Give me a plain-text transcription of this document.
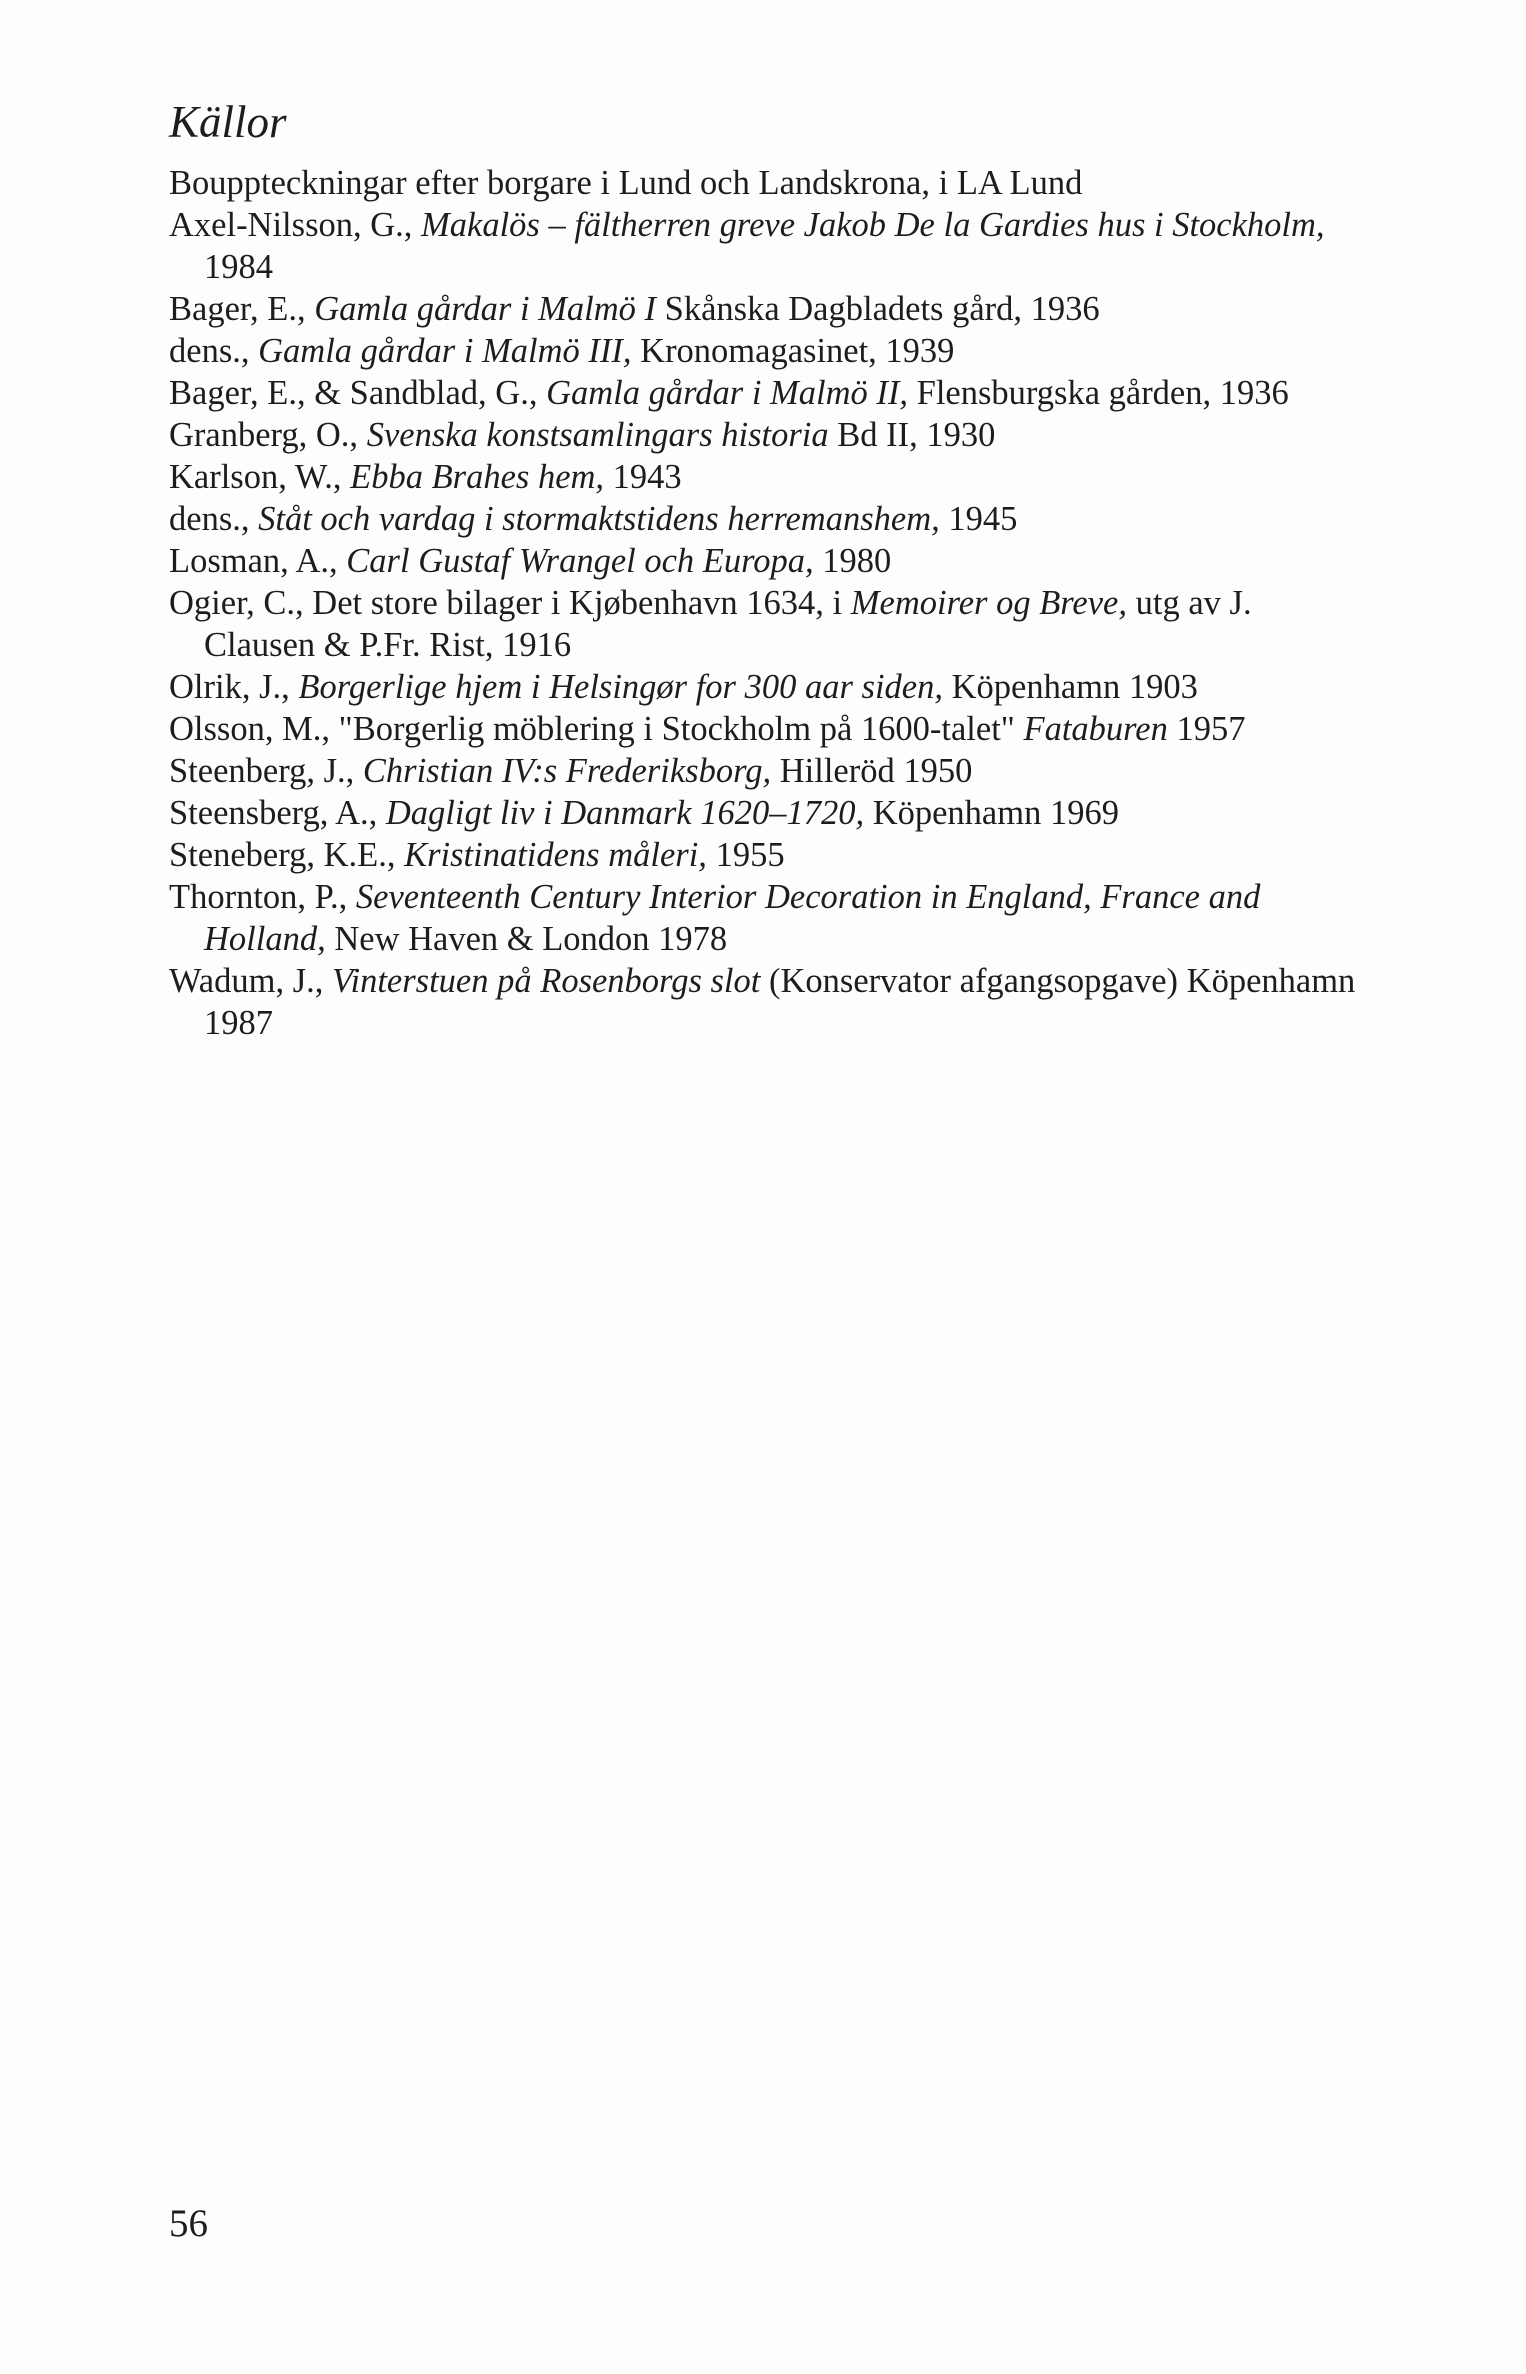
Källor
Bouppteckningar efter borgare i Lund och Landskrona, i LA Lund
Axel-Nilsson, G., Makalös – fältherren greve Jakob De la Gardies hus i Stockholm, 1984
Bager, E., Gamla gårdar i Malmö I Skånska Dagbladets gård, 1936
dens., Gamla gårdar i Malmö III, Kronomagasinet, 1939
Bager, E., & Sandblad, G., Gamla gårdar i Malmö II, Flensburgska gården, 1936
Granberg, O., Svenska konstsamlingars historia Bd II, 1930
Karlson, W., Ebba Brahes hem, 1943
dens., Ståt och vardag i stormaktstidens herremanshem, 1945
Losman, A., Carl Gustaf Wrangel och Europa, 1980
Ogier, C., Det store bilager i Kjøbenhavn 1634, i Memoirer og Breve, utg av J. Clausen & P.Fr. Rist, 1916
Olrik, J., Borgerlige hjem i Helsingør for 300 aar siden, Köpenhamn 1903
Olsson, M., "Borgerlig möblering i Stockholm på 1600-talet" Fataburen 1957
Steenberg, J., Christian IV:s Frederiksborg, Hilleröd 1950
Steensberg, A., Dagligt liv i Danmark 1620–1720, Köpenhamn 1969
Steneberg, K.E., Kristinatidens måleri, 1955
Thornton, P., Seventeenth Century Interior Decoration in England, France and Holland, New Haven & London 1978
Wadum, J., Vinterstuen på Rosenborgs slot (Konservator afgangsopgave) Köpenhamn 1987
56
